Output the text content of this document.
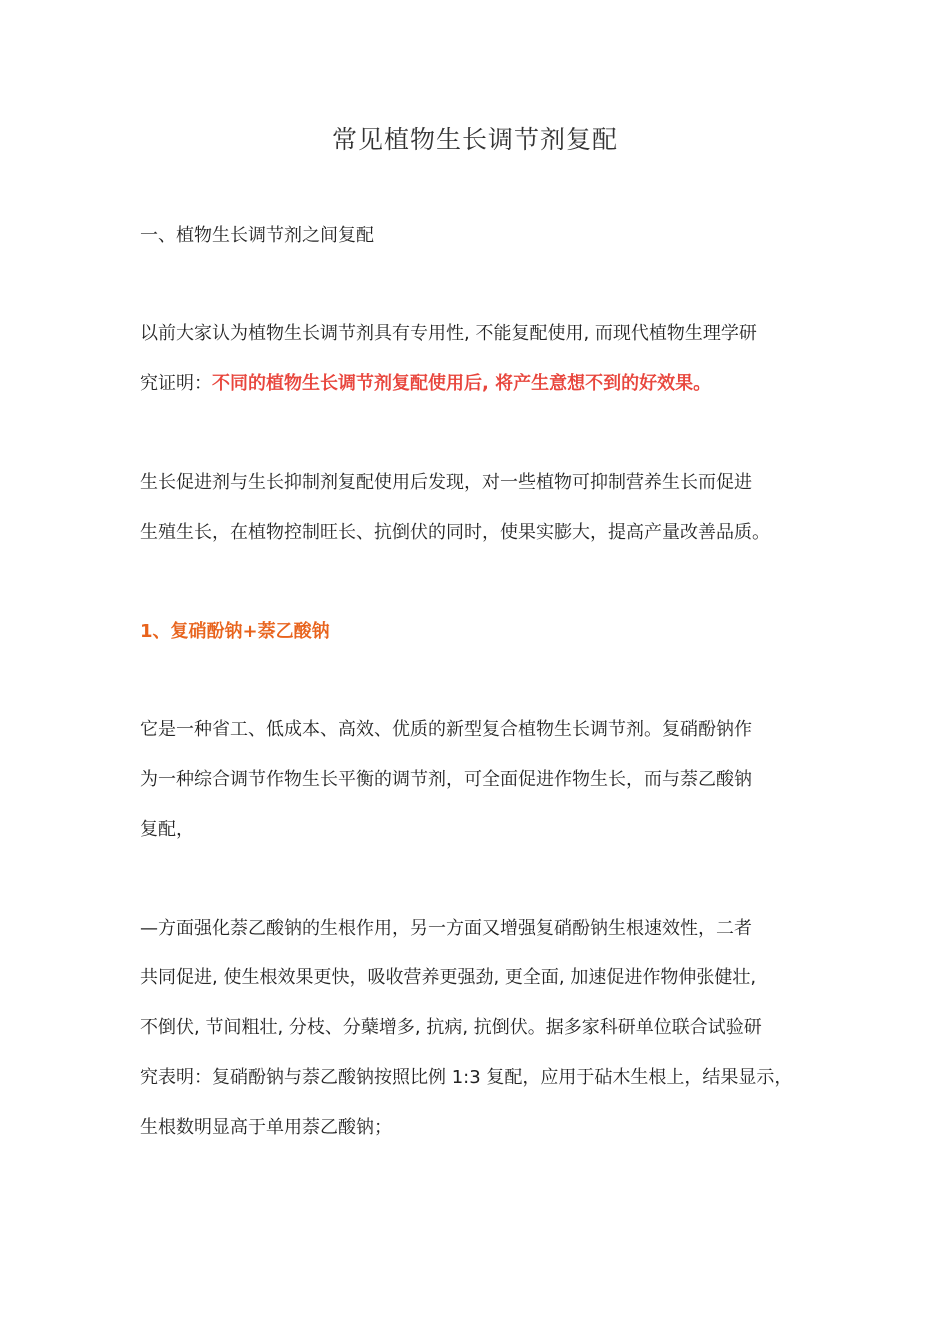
常见植物生长调节剂复配
一、植物生长调节剂之间复配
以前大家认为植物生长调节剂具有专用性, 不能复配使用, 而现代植物生理学研
究证明：不同的植物生长调节剂复配使用后, 将产生意想不到的好效果。
生长促进剂与生长抑制剂复配使用后发现，对一些植物可抑制营养生长而促进
生殖生长，在植物控制旺长、抗倒伏的同时，使果实膨大，提高产量改善品质。
1、复硝酚钠+萘乙酸钠
它是一种省工、低成本、高效、优质的新型复合植物生长调节剂。复硝酚钠作
为一种综合调节作物生长平衡的调节剂，可全面促进作物生长，而与萘乙酸钠
复配，
—方面强化萘乙酸钠的生根作用，另一方面又增强复硝酚钠生根速效性，二者
共同促进, 使生根效果更快，吸收营养更强劲, 更全面, 加速促进作物伸张健壮,
不倒伏, 节间粗壮, 分枝、分蘖增多, 抗病, 抗倒伏。据多家科研单位联合试验研
究表明：复硝酚钠与萘乙酸钠按照比例 1:3 复配，应用于砧木生根上，结果显示，
生根数明显高于单用萘乙酸钠；
